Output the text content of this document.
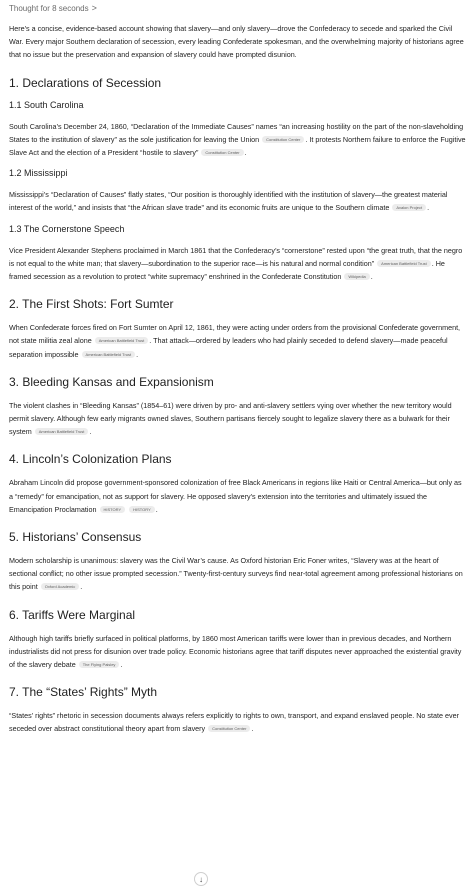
Thought for 8 seconds >

Here’s a concise, evidence-based account showing that slavery—and only slavery—drove the Confederacy to secede and sparked the Civil War. Every major Southern declaration of secession, every leading Confederate spokesman, and the overwhelming majority of historians agree that no issue but the preservation and expansion of slavery could have prompted disunion.

1. Declarations of Secession
1.1 South Carolina

South Carolina’s December 24, 1860, “Declaration of the Immediate Causes” names “an increasing hostility on the part of the non-slaveholding States to the institution of slavery” as the sole justification for leaving the Union Constitution Center . It protests Northern failure to enforce the Fugitive Slave Act and the election of a President “hostile to slavery” Constitution Center .

1.2 Mississippi

Mississippi’s “Declaration of Causes” flatly states, “Our position is thoroughly identified with the institution of slavery—the greatest material interest of the world,” and insists that “the African slave trade” and its economic fruits are unique to the Southern climate Avalon Project .

1.3 The Cornerstone Speech

Vice President Alexander Stephens proclaimed in March 1861 that the Confederacy’s “cornerstone” rested upon “the great truth, that the negro is not equal to the white man; that slavery—subordination to the superior race—is his natural and normal condition” American Battlefield Trust . He framed secession as a revolution to protect “white supremacy” enshrined in the Confederate Constitution Wikipedia .

2. The First Shots: Fort Sumter

When Confederate forces fired on Fort Sumter on April 12, 1861, they were acting under orders from the provisional Confederate government, not state militia zeal alone American Battlefield Trust . That attack—ordered by leaders who had plainly seceded to defend slavery—made peaceful separation impossible American Battlefield Trust .

3. Bleeding Kansas and Expansionism

The violent clashes in “Bleeding Kansas” (1854–61) were driven by pro- and anti-slavery settlers vying over whether the new territory would permit slavery. Although few early migrants owned slaves, Southern partisans fiercely sought to legalize slavery there as a bulwark for their system American Battlefield Trust .

4. Lincoln’s Colonization Plans

Abraham Lincoln did propose government-sponsored colonization of free Black Americans in regions like Haiti or Central America—but only as a “remedy” for emancipation, not as support for slavery. He opposed slavery’s extension into the territories and ultimately issued the Emancipation Proclamation HISTORY	HISTORY .

5. Historians’ Consensus

Modern scholarship is unanimous: slavery was the Civil War’s cause. As Oxford historian Eric Foner writes, “Slavery was at the heart of sectional conflict; no other issue prompted secession.” Twenty-first-century surveys find near-total agreement among professional historians on this point Oxford Academic .

6. Tariffs Were Marginal

Although high tariffs briefly surfaced in political platforms, by 1860 most American tariffs were lower than in previous decades, and Northern industrialists did not press for disunion over trade policy. Economic historians agree that tariff disputes never approached the existential gravity of the slavery debate The Flying Paisley .

7. The “States’ Rights” Myth

“States’ rights” rhetoric in secession documents always refers explicitly to rights to own, transport, and expand enslaved people. No state ever seceded over abstract constitutional theory apart from slavery Constitution Center .

↓
